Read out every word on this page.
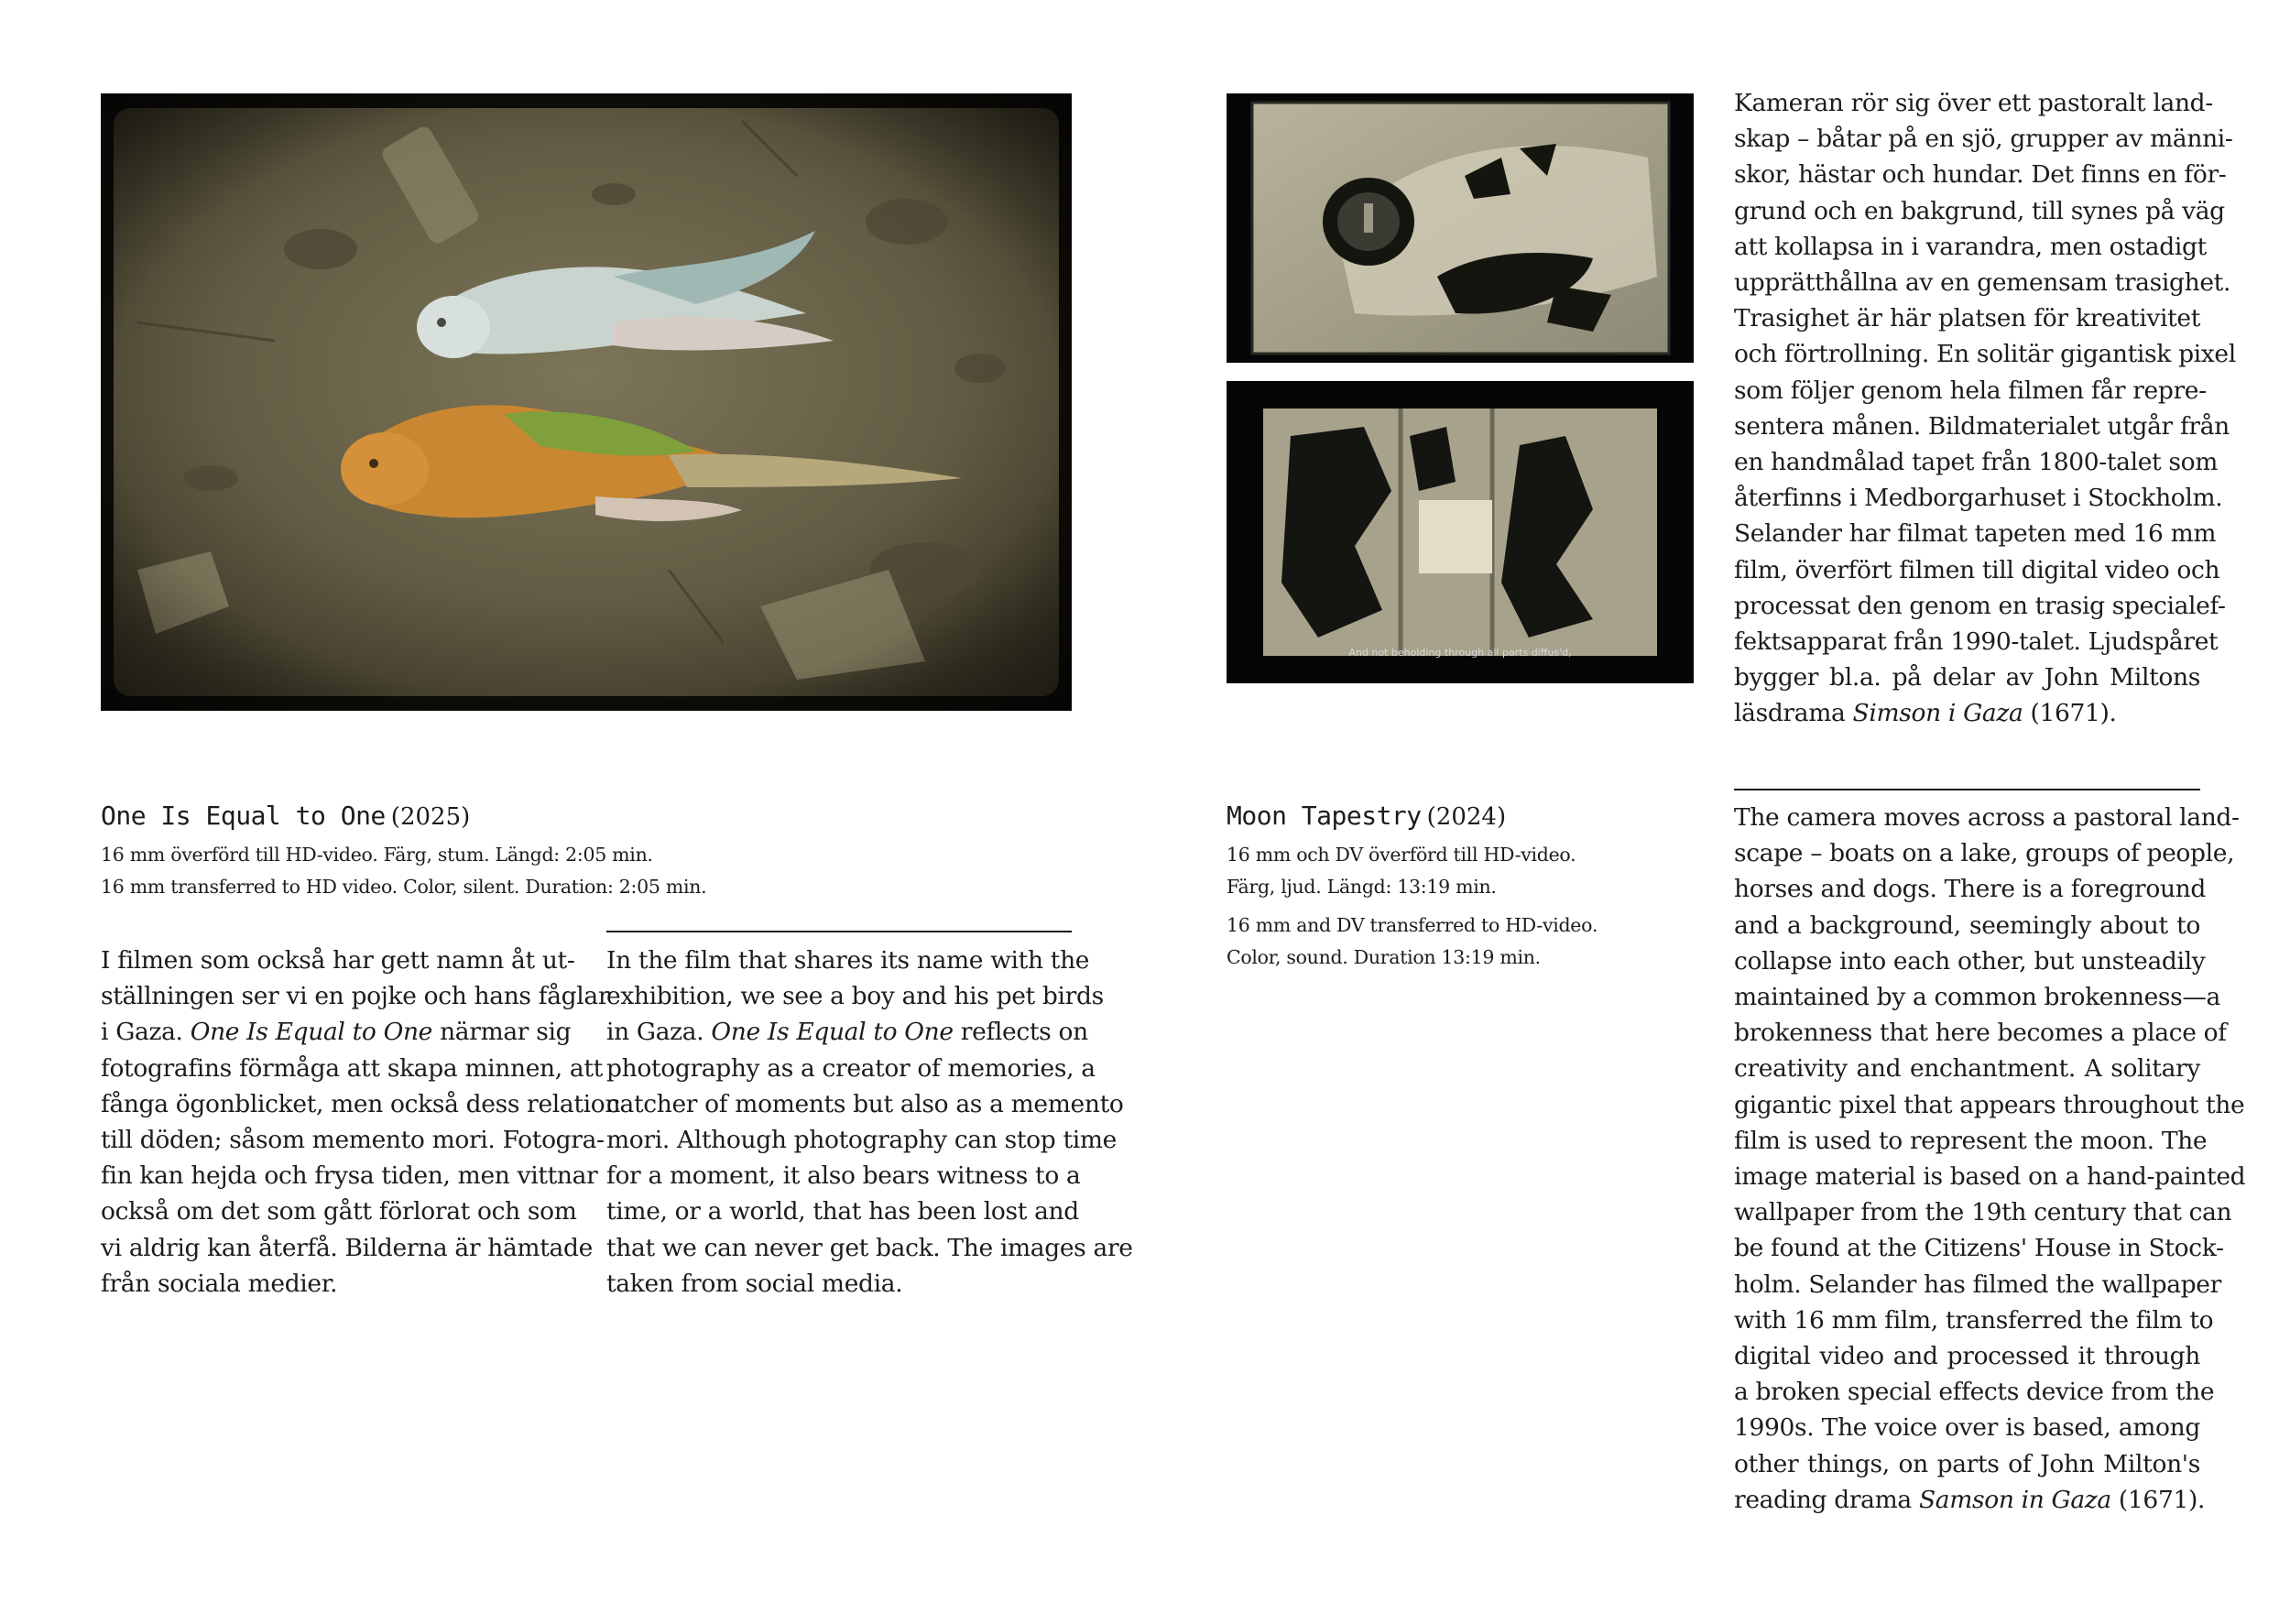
And not beholding through all parts diffus'd,
One Is Equal to One (2025)
16 mm överförd till HD-video. Färg, stum. Längd: 2:05 min.
16 mm transferred to HD video. Color, silent. Duration: 2:05 min.
I filmen som också har gett namn åt ut-
ställningen ser vi en pojke och hans fåglar
i Gaza. One Is Equal to One närmar sig
fotografins förmåga att skapa minnen, att
fånga ögonblicket, men också dess relation
till döden; såsom memento mori. Fotogra-
fin kan hejda och frysa tiden, men vittnar
också om det som gått förlorat och som
vi aldrig kan återfå. Bilderna är hämtade
från sociala medier.
In the film that shares its name with the
exhibition, we see a boy and his pet birds
in Gaza. One Is Equal to One reflects on
photography as a creator of memories, a
catcher of moments but also as a memento
mori. Although photography can stop time
for a moment, it also bears witness to a
time, or a world, that has been lost and
that we can never get back. The images are
taken from social media.
Moon Tapestry (2024)
16 mm och DV överförd till HD-video.
Färg, ljud. Längd: 13:19 min.
16 mm and DV transferred to HD-video.
Color, sound. Duration 13:19 min.
Kameran rör sig över ett pastoralt land-
skap – båtar på en sjö, grupper av männi-
skor, hästar och hundar. Det finns en för-
grund och en bakgrund, till synes på väg
att kollapsa in i varandra, men ostadigt
upprätthållna av en gemensam trasighet.
Trasighet är här platsen för kreativitet
och förtrollning. En solitär gigantisk pixel
som följer genom hela filmen får repre-
sentera månen. Bildmaterialet utgår från
en handmålad tapet från 1800-talet som
återfinns i Medborgarhuset i Stockholm.
Selander har filmat tapeten med 16 mm
film, överfört filmen till digital video och
processat den genom en trasig specialef-
fektsapparat från 1990-talet. Ljudspåret
bygger bl.a. på delar av John Miltons
läsdrama Simson i Gaza (1671).
The camera moves across a pastoral land-
scape – boats on a lake, groups of people,
horses and dogs. There is a foreground
and a background, seemingly about to
collapse into each other, but unsteadily
maintained by a common brokenness—a
brokenness that here becomes a place of
creativity and enchantment. A solitary
gigantic pixel that appears throughout the
film is used to represent the moon. The
image material is based on a hand-painted
wallpaper from the 19th century that can
be found at the Citizens' House in Stock-
holm. Selander has filmed the wallpaper
with 16 mm film, transferred the film to
digital video and processed it through
a broken special effects device from the
1990s. The voice over is based, among
other things, on parts of John Milton's
reading drama Samson in Gaza (1671).
